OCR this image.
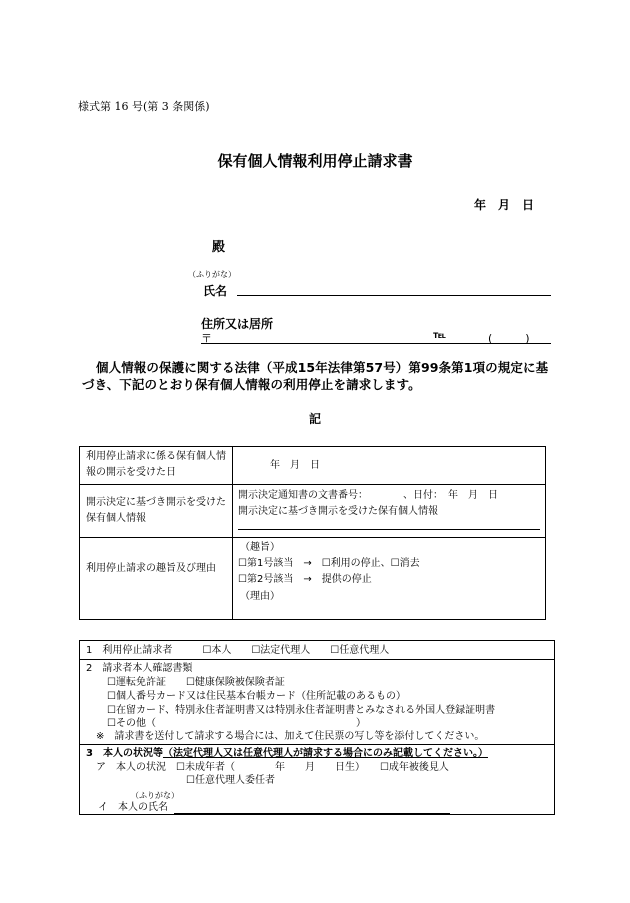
様式第 16 号(第 3 条関係)
保有個人情報利用停止請求書
年　月　日
殿
（ふりがな）
氏名
住所又は居所
〒	℡	(　　　)
個人情報の保護に関する法律（平成15年法律第57号）第99条第1項の規定に基づき、下記のとおり保有個人情報の利用停止を請求します。
記
利用停止請求に係る保有個人情報の開示を受けた日
年　月　日
開示決定に基づき開示を受けた保有個人情報
開示決定通知書の文書番号：　　　　、日付：　年　月　日
開示決定に基づき開示を受けた保有個人情報
利用停止請求の趣旨及び理由
（趣旨）
☐第1号該当　→　☐利用の停止、☐消去
☐第2号該当　→　提供の停止
（理由）
1　利用停止請求者　　　☐本人　　☐法定代理人　　☐任意代理人
2　請求者本人確認書類
☐運転免許証　　☐健康保険被保険者証
☐個人番号カード又は住民基本台帳カード（住所記載のあるもの）
☐在留カード、特別永住者証明書又は特別永住者証明書とみなされる外国人登録証明書
☐その他（　　　　　　　　　　　　　　　　　　　　）
※　請求書を送付して請求する場合には、加えて住民票の写し等を添付してください。
3　本人の状況等（法定代理人又は任意代理人が請求する場合にのみ記載してください。）
ア　本人の状況　☐未成年者（　　　　年　　月　　日生）　　☐成年被後見人
☐任意代理人委任者
（ふりがな）
イ　本人の氏名
